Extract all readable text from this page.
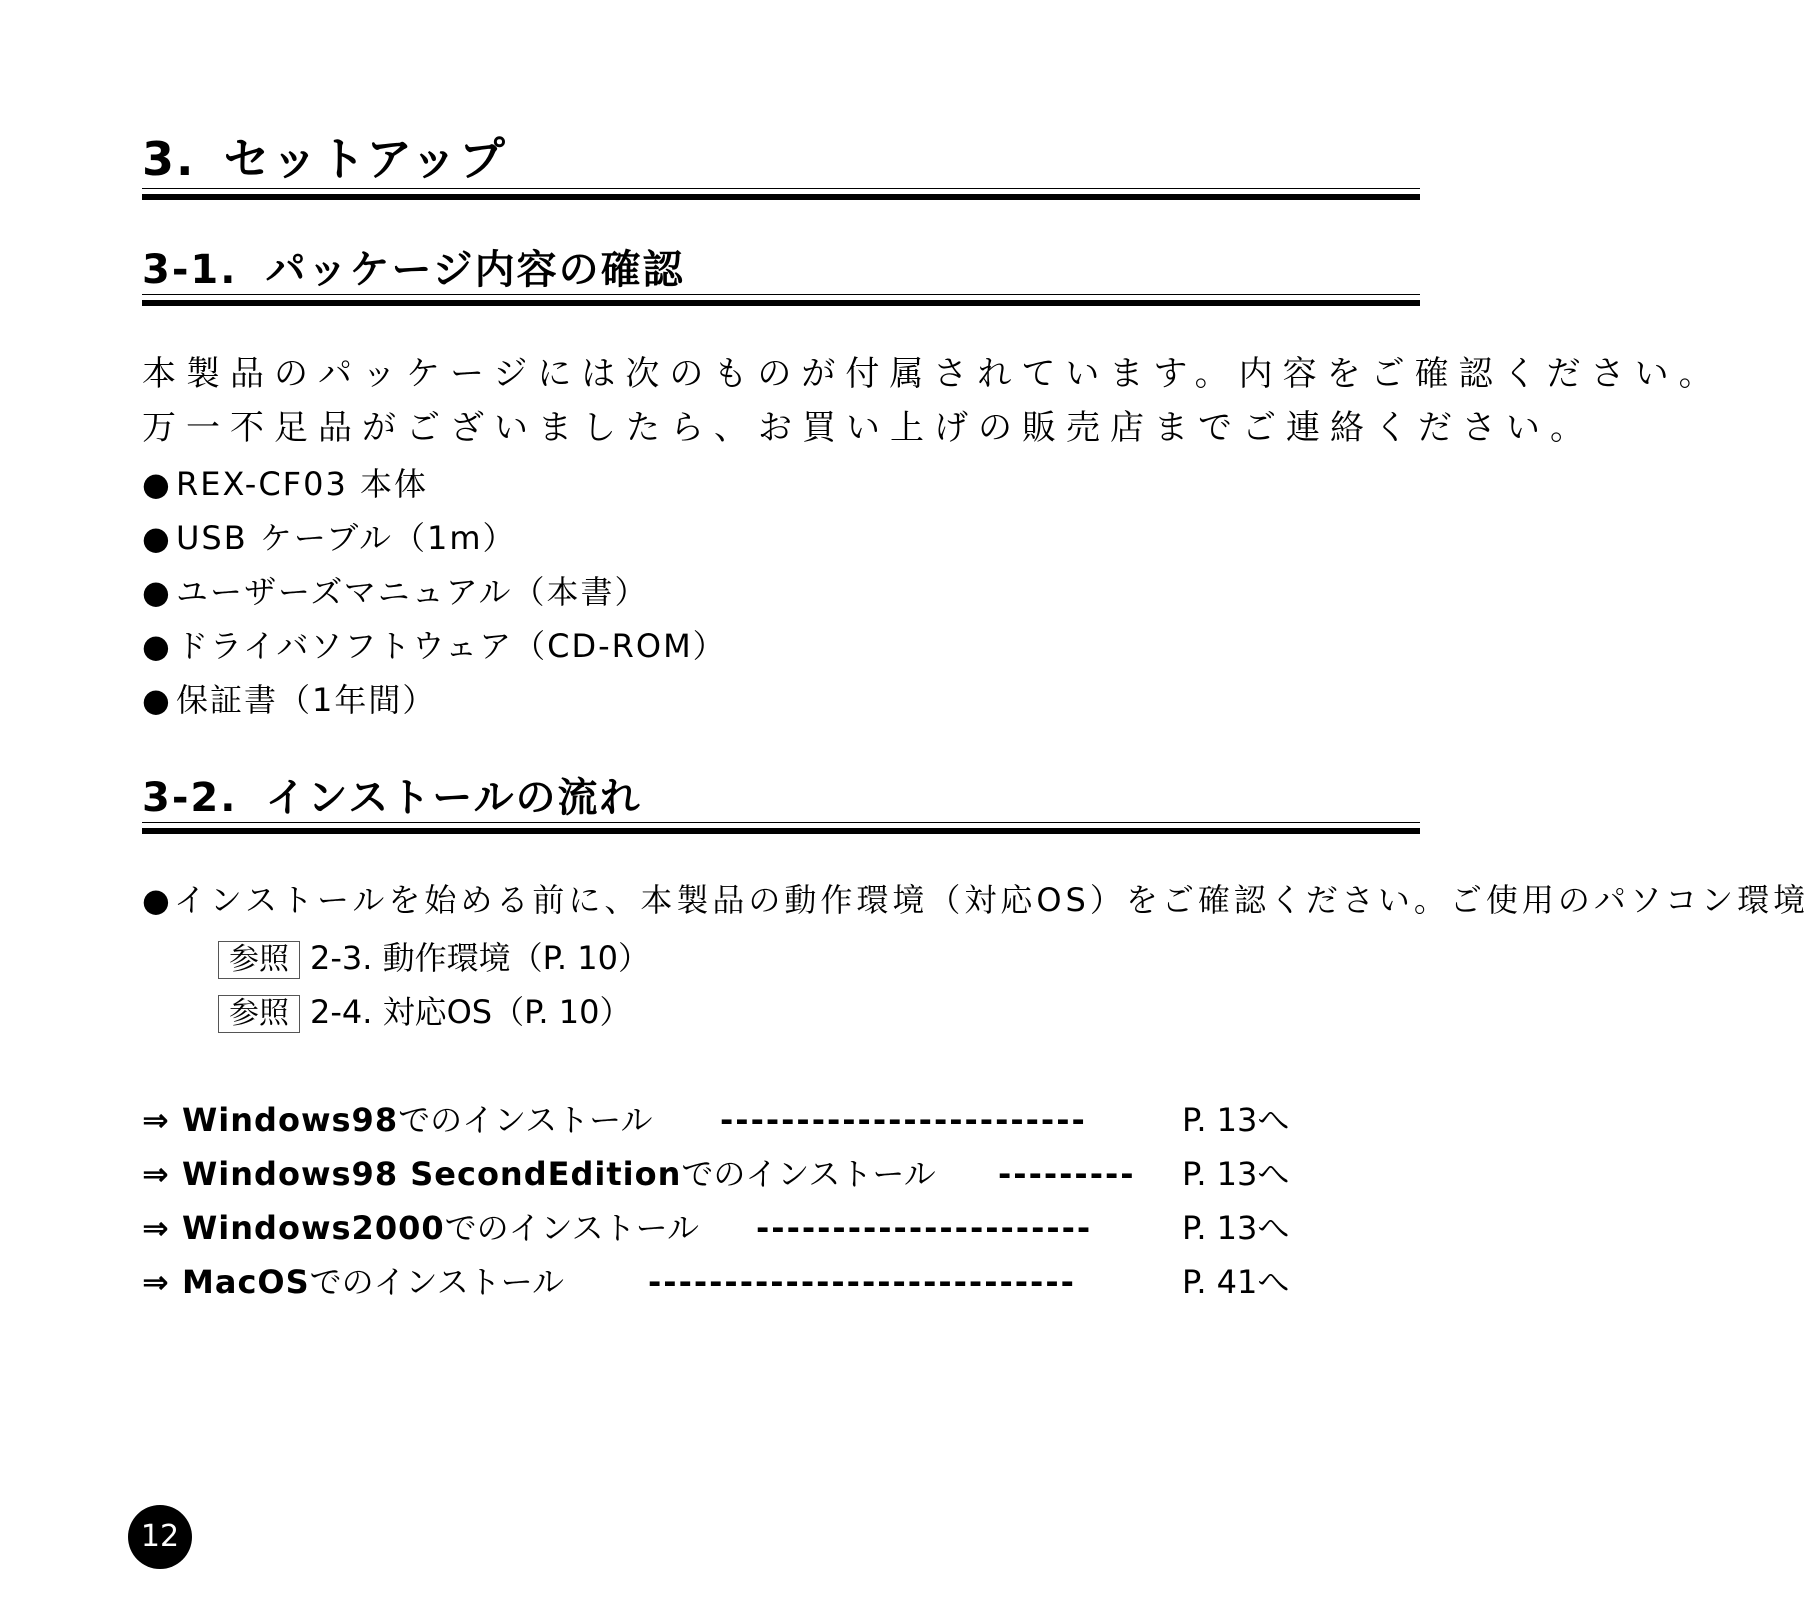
3. セットアップ
3-1. パッケージ内容の確認
本製品のパッケージには次のものが付属されています。内容をご確認ください。
万一不足品がございましたら、お買い上げの販売店までご連絡ください。
● REX-CF03 本体
● USB ケーブル（1m）
● ユーザーズマニュアル（本書）
● ドライバソフトウェア（CD-ROM）
● 保証書（1年間）
3-2. インストールの流れ
●インストールを始める前に、本製品の動作環境（対応OS）をご確認ください。ご使用のパソコン環境
参照 2-3. 動作環境（P. 10）
参照 2-4. 対応OS（P. 10）
⇒ Windows98でのインストール ------------------------	P. 13へ
⇒ Windows98 SecondEditionでのインストール --------- P. 13へ
⇒ Windows2000でのインストール ----------------------	P. 13へ
⇒ MacOSでのインストール	----------------------------	P. 41へ
12
